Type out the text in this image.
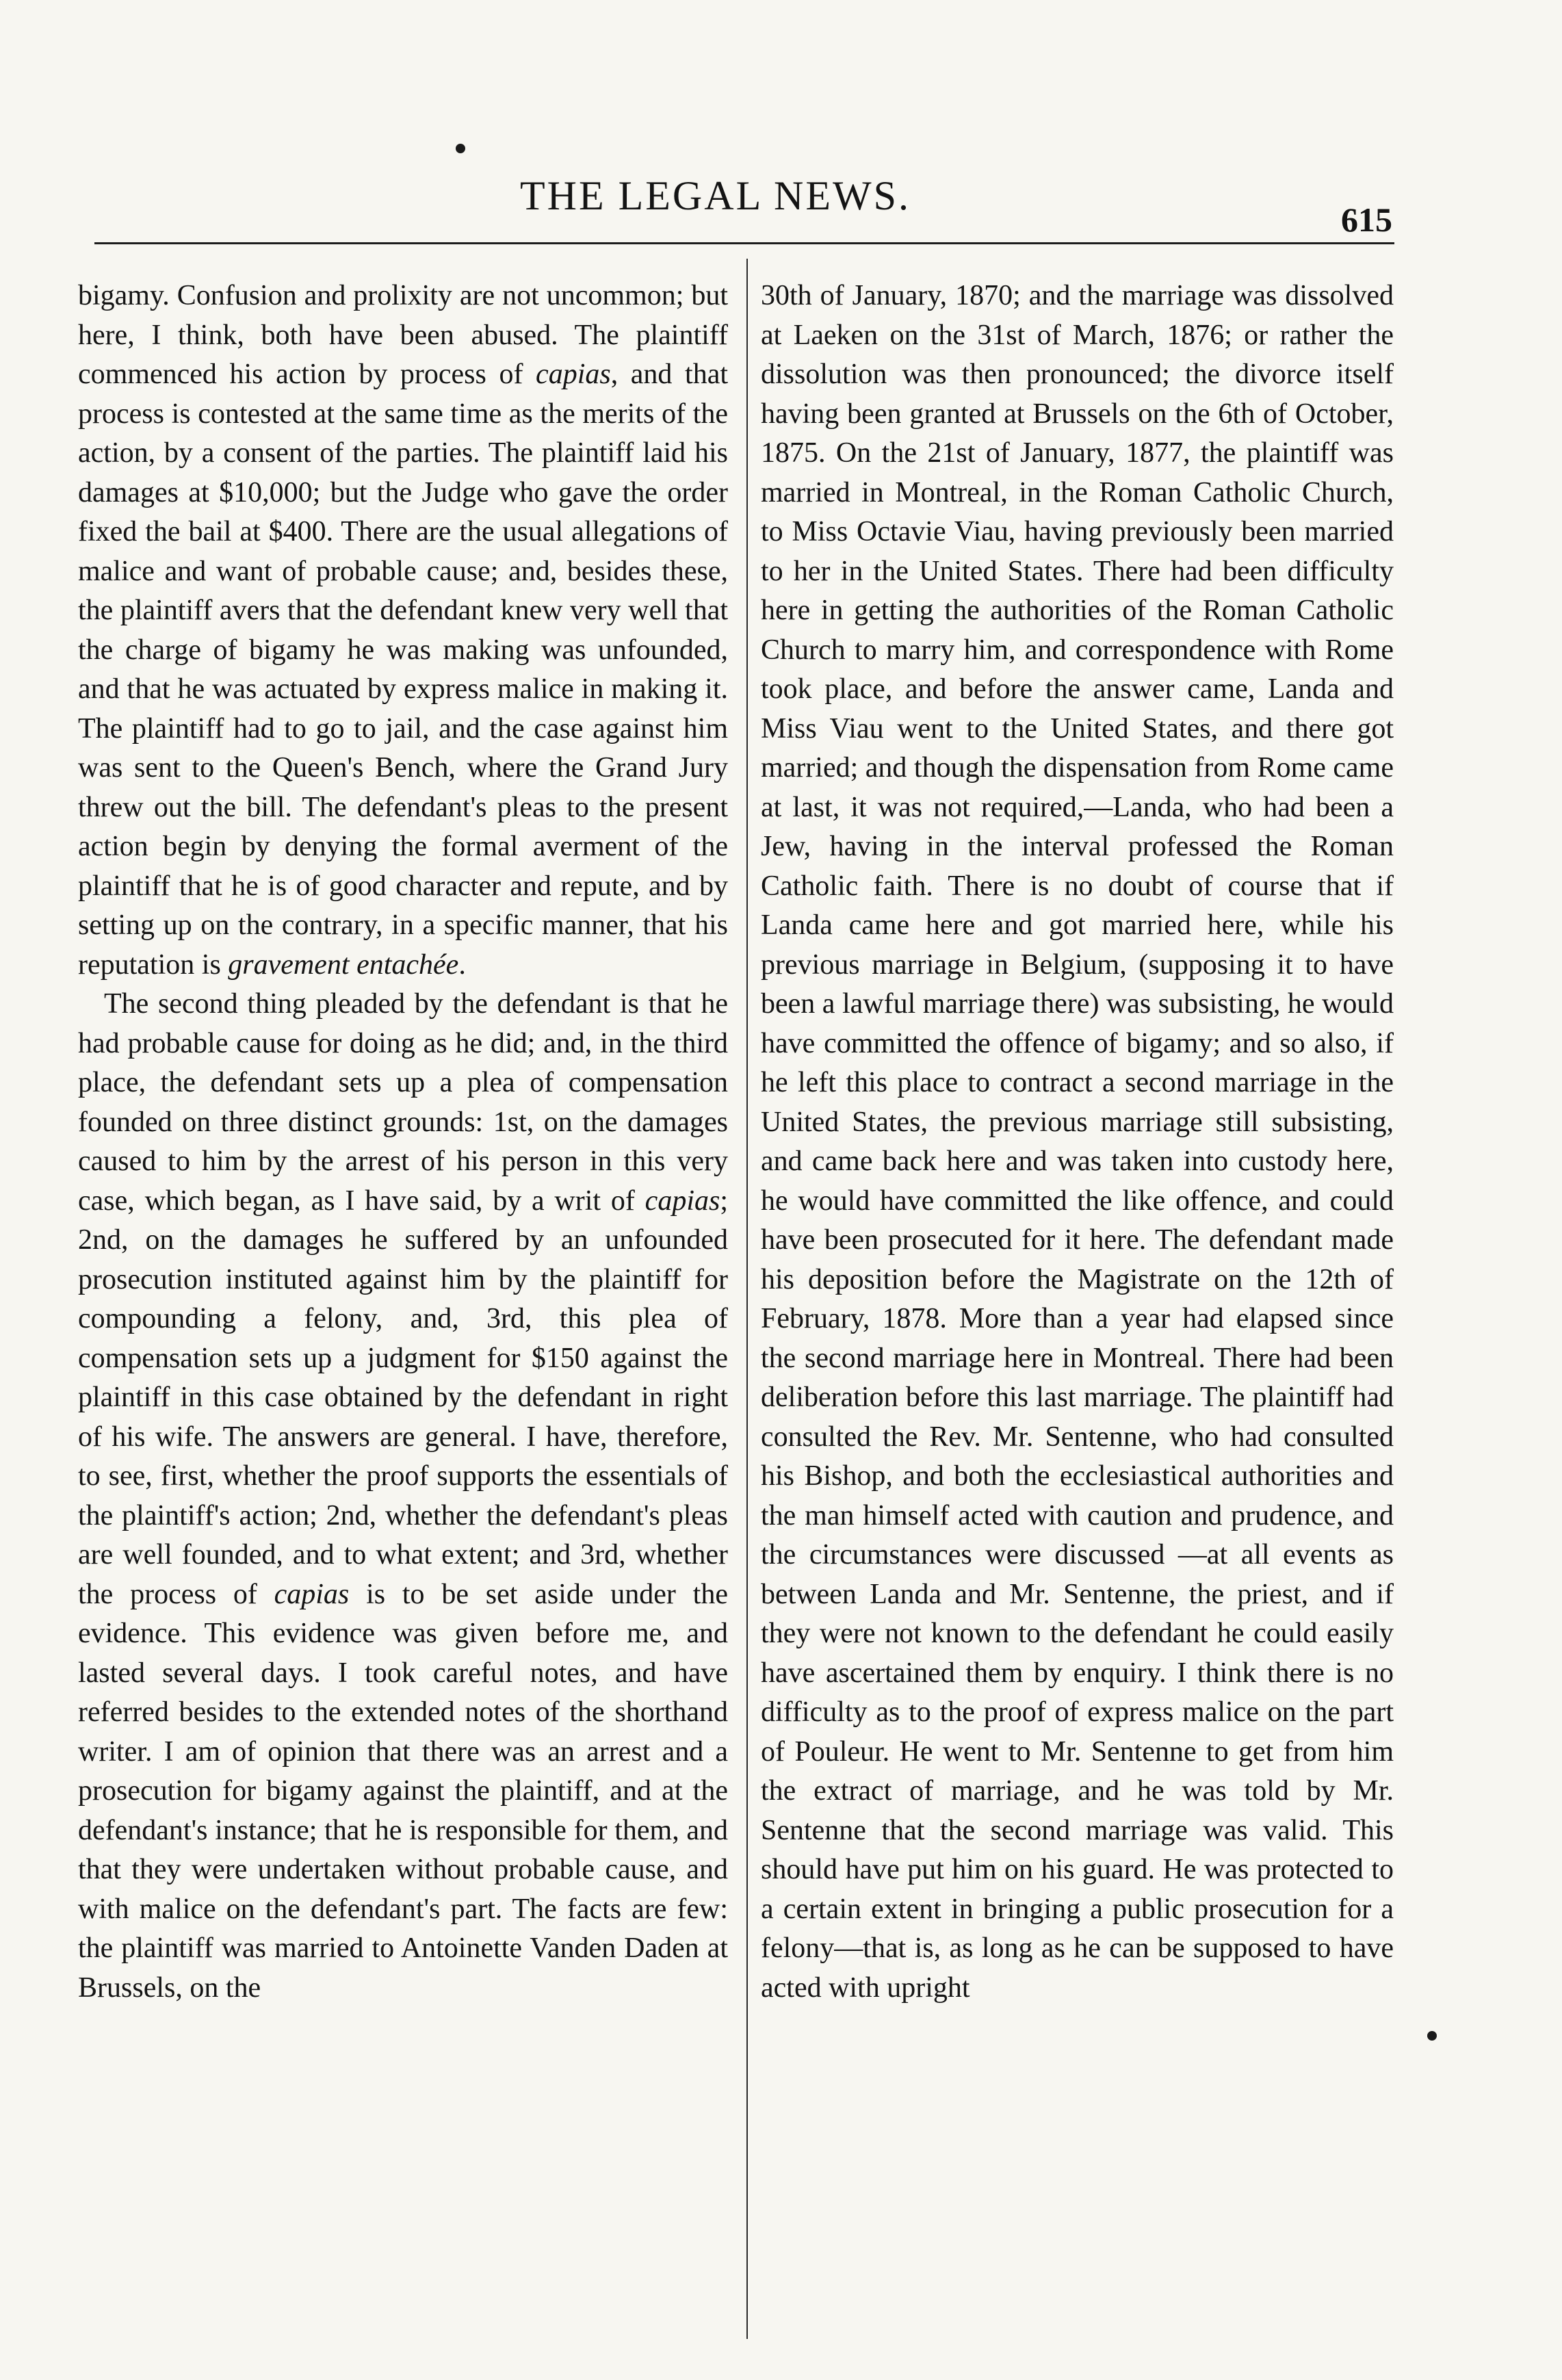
THE LEGAL NEWS.
615

bigamy. Confusion and prolixity are not uncommon; but here, I think, both have been abused. The plaintiff commenced his action by process of capias, and that process is contested at the same time as the merits of the action, by a consent of the parties. The plaintiff laid his damages at $10,000; but the Judge who gave the order fixed the bail at $400. There are the usual allegations of malice and want of probable cause; and, besides these, the plaintiff avers that the defendant knew very well that the charge of bigamy he was making was unfounded, and that he was actuated by express malice in making it. The plaintiff had to go to jail, and the case against him was sent to the Queen's Bench, where the Grand Jury threw out the bill. The defendant's pleas to the present action begin by denying the formal averment of the plaintiff that he is of good character and repute, and by setting up on the contrary, in a specific manner, that his reputation is gravement entachée.

The second thing pleaded by the defendant is that he had probable cause for doing as he did; and, in the third place, the defendant sets up a plea of compensation founded on three distinct grounds: 1st, on the damages caused to him by the arrest of his person in this very case, which began, as I have said, by a writ of capias; 2nd, on the damages he suffered by an unfounded prosecution instituted against him by the plaintiff for compounding a felony, and, 3rd, this plea of compensation sets up a judgment for $150 against the plaintiff in this case obtained by the defendant in right of his wife. The answers are general. I have, therefore, to see, first, whether the proof supports the essentials of the plaintiff's action; 2nd, whether the defendant's pleas are well founded, and to what extent; and 3rd, whether the process of capias is to be set aside under the evidence. This evidence was given before me, and lasted several days. I took careful notes, and have referred besides to the extended notes of the shorthand writer. I am of opinion that there was an arrest and a prosecution for bigamy against the plaintiff, and at the defendant's instance; that he is responsible for them, and that they were undertaken without probable cause, and with malice on the defendant's part. The facts are few: the plaintiff was married to Antoinette Vanden Daden at Brussels, on the

30th of January, 1870; and the marriage was dissolved at Laeken on the 31st of March, 1876; or rather the dissolution was then pronounced; the divorce itself having been granted at Brussels on the 6th of October, 1875. On the 21st of January, 1877, the plaintiff was married in Montreal, in the Roman Catholic Church, to Miss Octavie Viau, having previously been married to her in the United States. There had been difficulty here in getting the authorities of the Roman Catholic Church to marry him, and correspondence with Rome took place, and before the answer came, Landa and Miss Viau went to the United States, and there got married; and though the dispensation from Rome came at last, it was not required,—Landa, who had been a Jew, having in the interval professed the Roman Catholic faith. There is no doubt of course that if Landa came here and got married here, while his previous marriage in Belgium, (supposing it to have been a lawful marriage there) was subsisting, he would have committed the offence of bigamy; and so also, if he left this place to contract a second marriage in the United States, the previous marriage still subsisting, and came back here and was taken into custody here, he would have committed the like offence, and could have been prosecuted for it here. The defendant made his deposition before the Magistrate on the 12th of February, 1878. More than a year had elapsed since the second marriage here in Montreal. There had been deliberation before this last marriage. The plaintiff had consulted the Rev. Mr. Sentenne, who had consulted his Bishop, and both the ecclesiastical authorities and the man himself acted with caution and prudence, and the circumstances were discussed —at all events as between Landa and Mr. Sentenne, the priest, and if they were not known to the defendant he could easily have ascertained them by enquiry. I think there is no difficulty as to the proof of express malice on the part of Pouleur. He went to Mr. Sentenne to get from him the extract of marriage, and he was told by Mr. Sentenne that the second marriage was valid. This should have put him on his guard. He was protected to a certain extent in bringing a public prosecution for a felony—that is, as long as he can be supposed to have acted with upright
